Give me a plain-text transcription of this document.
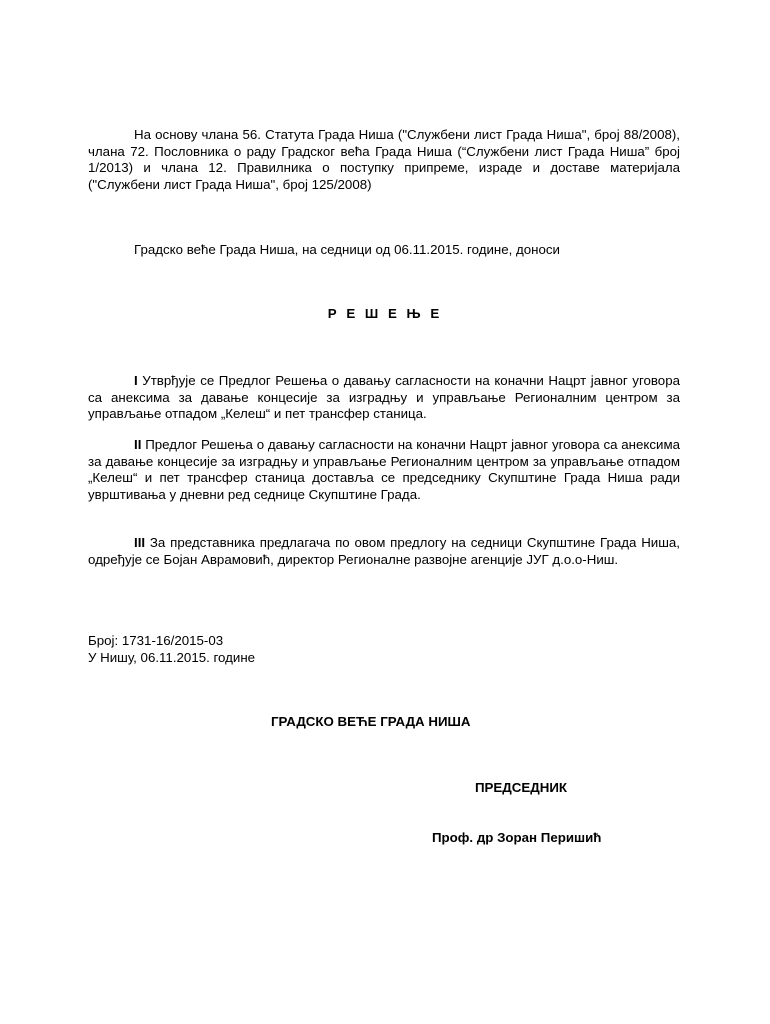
На основу члана 56. Статута Града Ниша ("Службени лист Града Ниша", број 88/2008), члана 72. Пословника о раду Градског већа Града Ниша (“Службени лист Града Ниша” број 1/2013) и члана 12. Правилника о поступку припреме, израде и доставе материјала ("Службени лист Града Ниша", број 125/2008)

Градско веће Града Ниша, на седници од 06.11.2015. године, доноси

Р Е Ш Е Њ Е

I Утврђује се Предлог Решења о давању сагласности на коначни Нацрт јавног уговора са анексима за давање концесије за изградњу и управљање Регионалним центром за управљање отпадом „Келеш“ и пет трансфер станица.

II Предлог Решења о давању сагласности на коначни Нацрт јавног уговора са анексима за давање концесије за изградњу и управљање Регионалним центром за управљање отпадом „Келеш“ и пет трансфер станица доставља се председнику Скупштине Града Ниша ради уврштивања у дневни ред седнице Скупштине Града.

III За представника предлагача по овом предлогу на седници Скупштине Града Ниша, одређује се Бојан Аврамовић, директор Регионалне развојне агенције ЈУГ д.о.о-Ниш.

Број: 1731-16/2015-03

У Нишу, 06.11.2015. године

ГРАДСКО ВЕЋЕ ГРАДА НИША

ПРЕДСЕДНИК

Проф. др Зоран Перишић
